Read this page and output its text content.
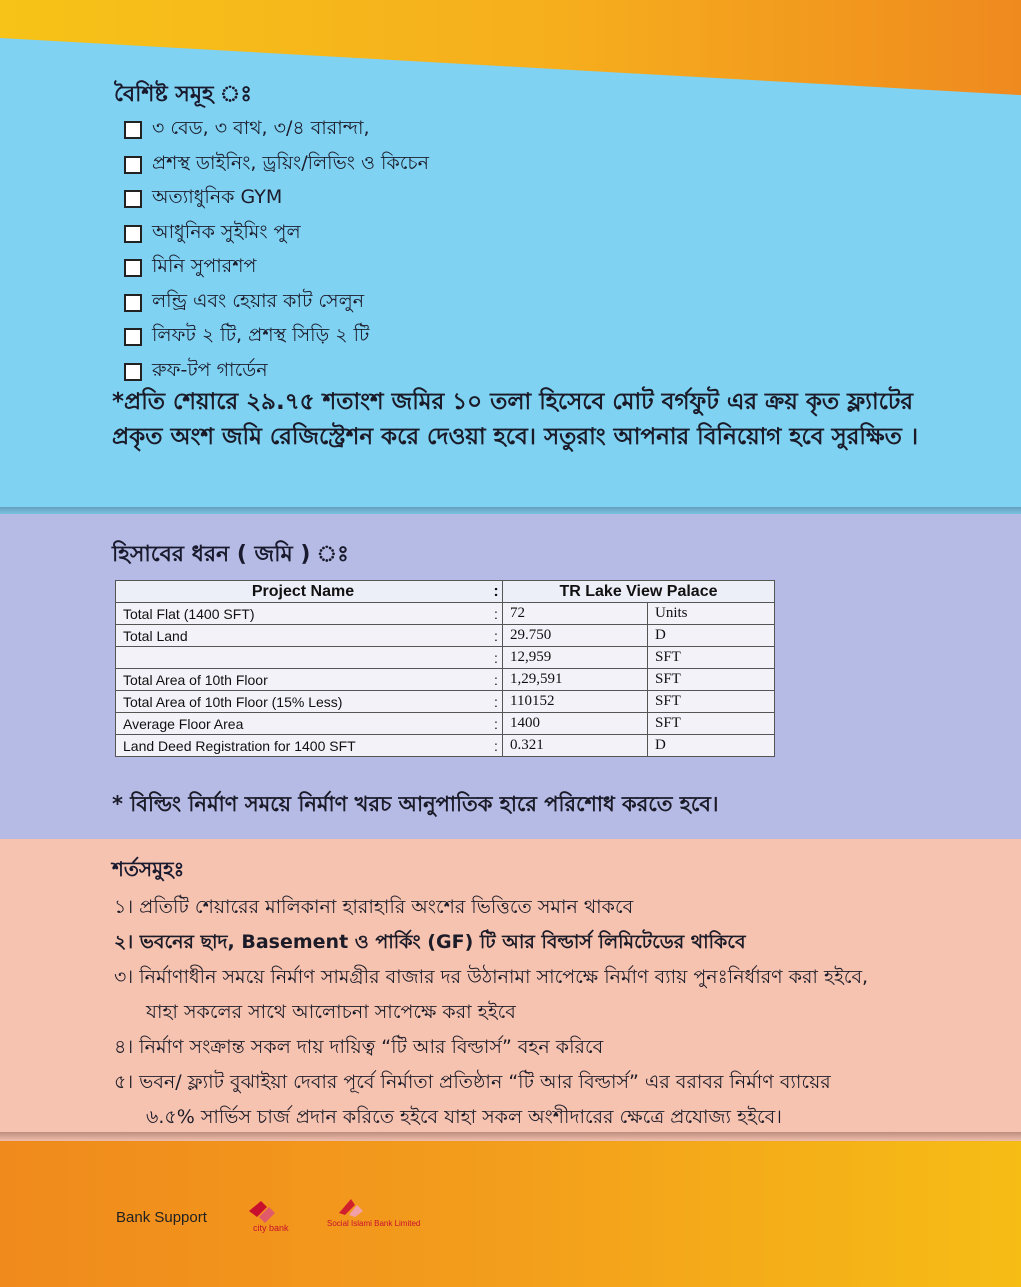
বৈশিষ্ট সমূহ ঃ
৩ বেড, ৩ বাথ, ৩/৪ বারান্দা,
প্রশস্থ ডাইনিং, ড্রয়িং/লিভিং ও কিচেন
অত্যাধুনিক GYM
আধুনিক সুইমিং পুল
মিনি সুপারশপ
লন্ড্রি এবং হেয়ার কাট সেলুন
লিফট ২ টি, প্রশস্থ সিড়ি ২ টি
রুফ-টপ গার্ডেন
*প্রতি শেয়ারে ২৯.৭৫ শতাংশ জমির ১০ তলা হিসেবে মোট বর্গফুট এর ক্রয় কৃত ফ্ল্যাটের প্রকৃত অংশ জমি রেজিস্ট্রেশন করে দেওয়া হবে। সতুরাং আপনার বিনিয়োগ হবে সুরক্ষিত ।
হিসাবের ধরন ( জমি ) ঃ
Project Name	:	TR Lake View Palace	
Total Flat (1400 SFT)	:	72	Units
Total Land	:	29.750	D
	:	12,959	SFT
Total Area of 10th Floor	:	1,29,591	SFT
Total Area of 10th Floor (15% Less)	:	110152	SFT
Average Floor Area	:	1400	SFT
Land Deed Registration for 1400 SFT	:	0.321	D
* বিল্ডিং নির্মাণ সময়ে নির্মাণ খরচ আনুপাতিক হারে পরিশোধ করতে হবে।
শর্তসমুহঃ
১। প্রতিটি শেয়ারের মালিকানা হারাহারি অংশের ভিত্তিতে সমান থাকবে
২। ভবনের ছাদ, Basement ও পার্কিং (GF) টি আর বিল্ডার্স লিমিটেডের থাকিবে
৩। নির্মাণাধীন সময়ে নির্মাণ সামগ্রীর বাজার দর উঠানামা সাপেক্ষে নির্মাণ ব্যায় পুনঃনির্ধারণ করা হইবে,
যাহা সকলের সাথে আলোচনা সাপেক্ষে করা হইবে
৪। নির্মাণ সংক্রান্ত সকল দায় দায়িত্ব “টি আর বিল্ডার্স” বহন করিবে
৫। ভবন/ ফ্ল্যাট বুঝাইয়া দেবার পূর্বে নির্মাতা প্রতিষ্ঠান “টি আর বিল্ডার্স” এর বরাবর নির্মাণ ব্যায়ের
৬.৫% সার্ভিস চার্জ প্রদান করিতে হইবে যাহা সকল অংশীদারের ক্ষেত্রে প্রযোজ্য হইবে।
Bank Support
city bank	Social Islami Bank Limited
